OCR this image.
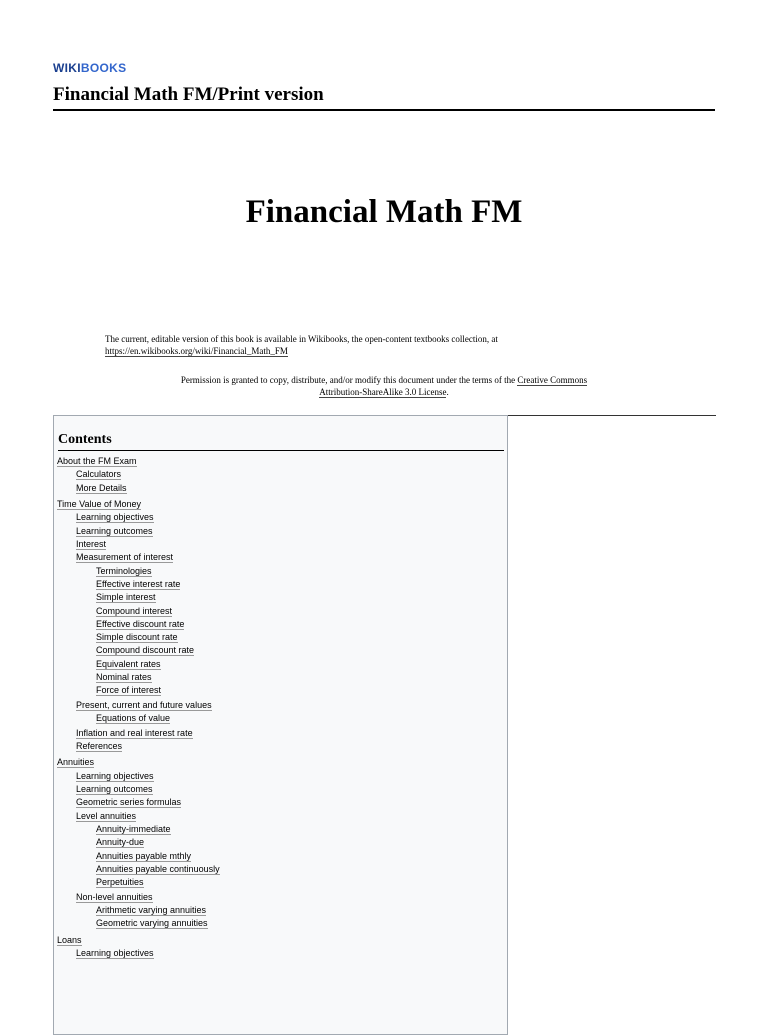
WIKIBOOKS
Financial Math FM/Print version
Financial Math FM
The current, editable version of this book is available in Wikibooks, the open-content textbooks collection, at
https://en.wikibooks.org/wiki/Financial_Math_FM
Permission is granted to copy, distribute, and/or modify this document under the terms of the Creative Commons
Attribution-ShareAlike 3.0 License.
Contents
About the FM Exam
Calculators
More Details
Time Value of Money
Learning objectives
Learning outcomes
Interest
Measurement of interest
Terminologies
Effective interest rate
Simple interest
Compound interest
Effective discount rate
Simple discount rate
Compound discount rate
Equivalent rates
Nominal rates
Force of interest
Present, current and future values
Equations of value
Inflation and real interest rate
References
Annuities
Learning objectives
Learning outcomes
Geometric series formulas
Level annuities
Annuity-immediate
Annuity-due
Annuities payable mthly
Annuities payable continuously
Perpetuities
Non-level annuities
Arithmetic varying annuities
Geometric varying annuities
Loans
Learning objectives
